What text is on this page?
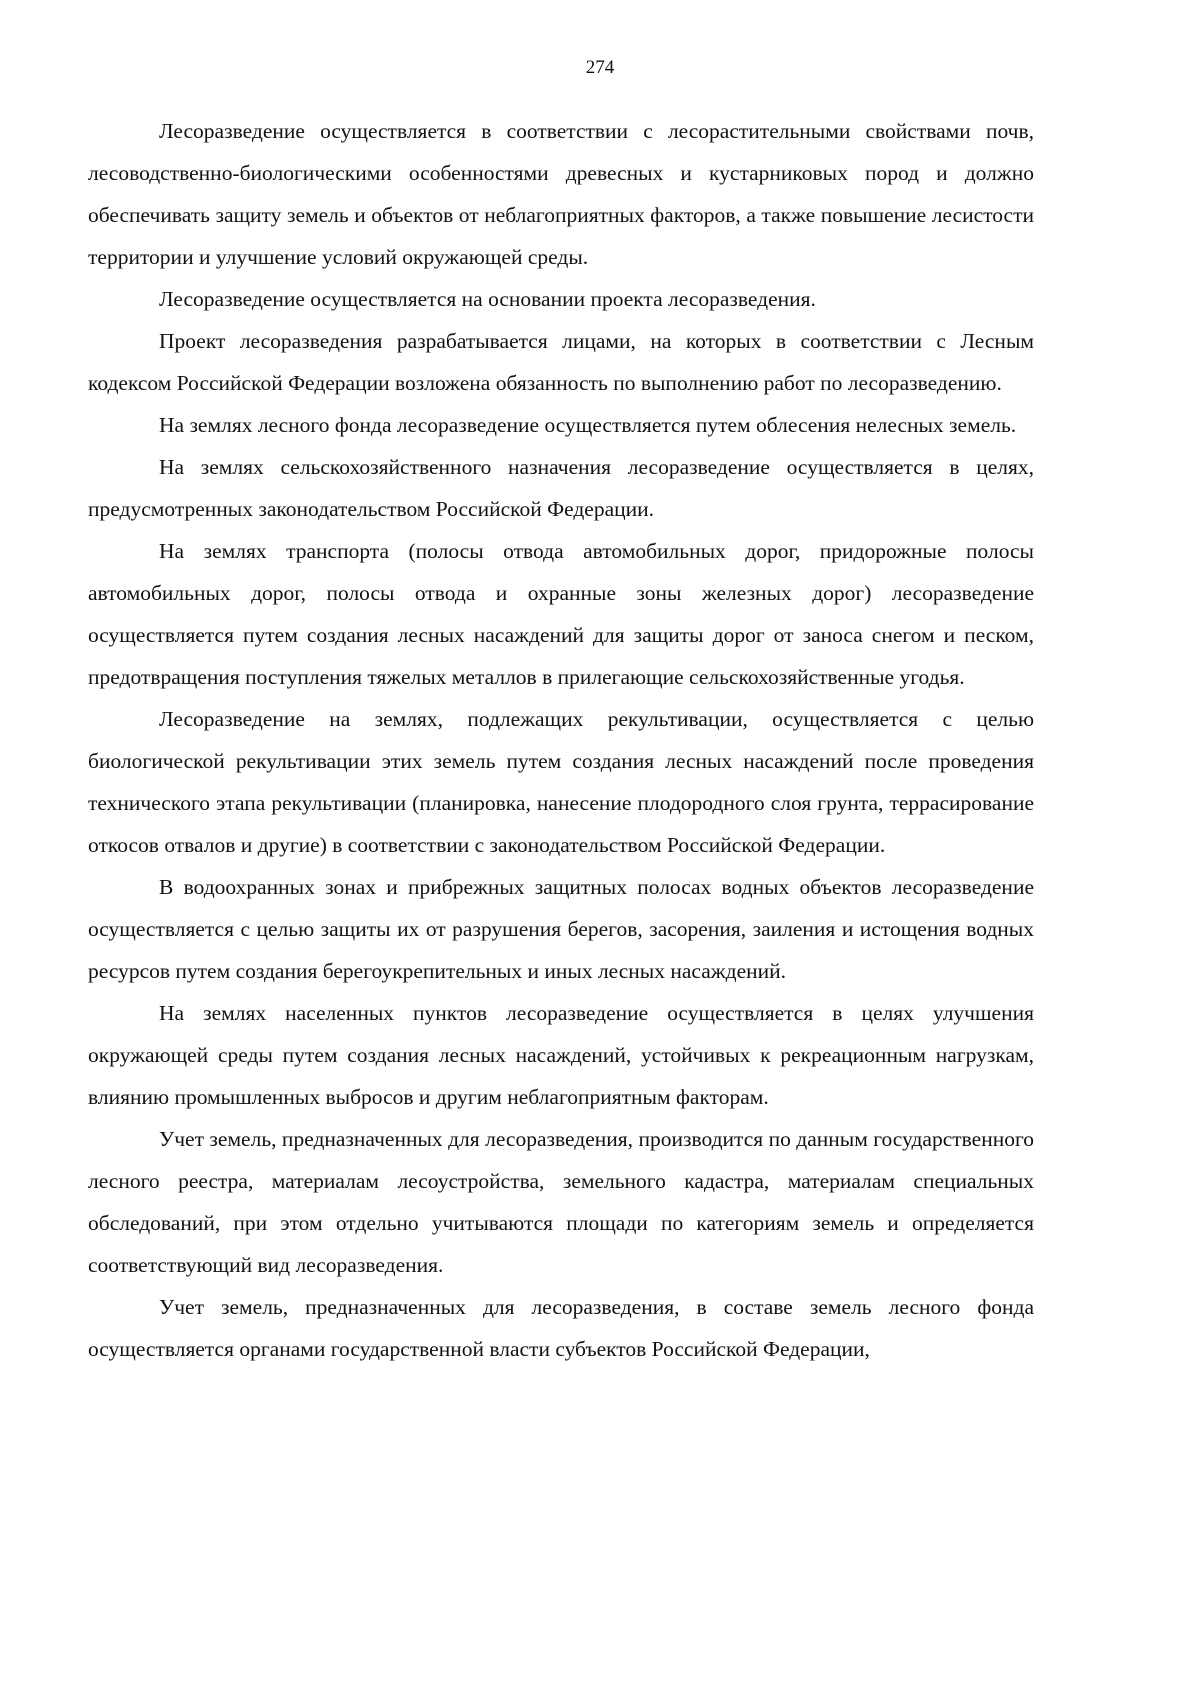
274

Лесоразведение осуществляется в соответствии с лесорастительными свойствами почв, лесоводственно-биологическими особенностями древесных и кустарниковых пород и должно обеспечивать защиту земель и объектов от неблагоприятных факторов, а также повышение лесистости территории и улучшение условий окружающей среды.

Лесоразведение осуществляется на основании проекта лесоразведения.

Проект лесоразведения разрабатывается лицами, на которых в соответствии с Лесным кодексом Российской Федерации возложена обязанность по выполнению работ по лесоразведению.

На землях лесного фонда лесоразведение осуществляется путем облесения нелесных земель.

На землях сельскохозяйственного назначения лесоразведение осуществляется в целях, предусмотренных законодательством Российской Федерации.

На землях транспорта (полосы отвода автомобильных дорог, придорожные полосы автомобильных дорог, полосы отвода и охранные зоны железных дорог) лесоразведение осуществляется путем создания лесных насаждений для защиты дорог от заноса снегом и песком, предотвращения поступления тяжелых металлов в прилегающие сельскохозяйственные угодья.

Лесоразведение на землях, подлежащих рекультивации, осуществляется с целью биологической рекультивации этих земель путем создания лесных насаждений после проведения технического этапа рекультивации (планировка, нанесение плодородного слоя грунта, террасирование откосов отвалов и другие) в соответствии с законодательством Российской Федерации.

В водоохранных зонах и прибрежных защитных полосах водных объектов лесоразведение осуществляется с целью защиты их от разрушения берегов, засорения, заиления и истощения водных ресурсов путем создания берегоукрепительных и иных лесных насаждений.

На землях населенных пунктов лесоразведение осуществляется в целях улучшения окружающей среды путем создания лесных насаждений, устойчивых к рекреационным нагрузкам, влиянию промышленных выбросов и другим неблагоприятным факторам.

Учет земель, предназначенных для лесоразведения, производится по данным государственного лесного реестра, материалам лесоустройства, земельного кадастра, материалам специальных обследований, при этом отдельно учитываются площади по категориям земель и определяется соответствующий вид лесоразведения.

Учет земель, предназначенных для лесоразведения, в составе земель лесного фонда осуществляется органами государственной власти субъектов Российской Федерации,
